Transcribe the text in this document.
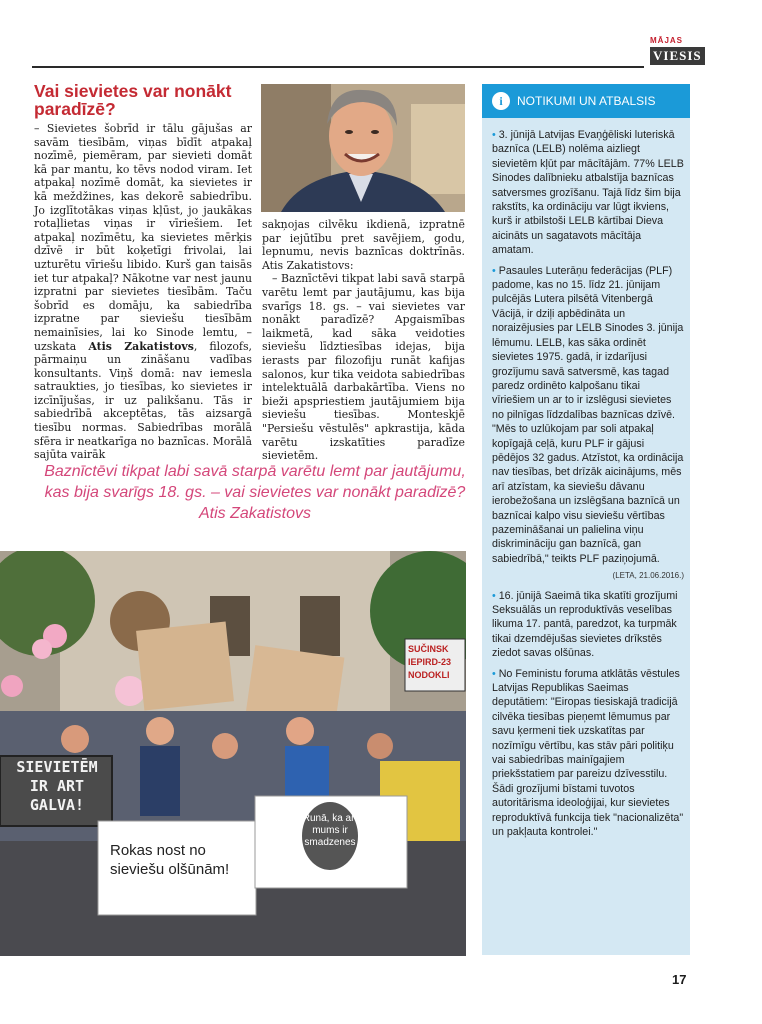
MĀJAS
VIESIS
Vai sievietes var nonākt paradīzē?

– Sievietes šobrīd ir tālu gājušas ar savām tiesībām, viņas bīdīt atpakaļ nozīmē, piemēram, par sievieti domāt kā par mantu, ko tēvs nodod viram. Iet atpakaļ nozīmē domāt, ka sievietes ir kā meždžines, kas dekorē sabiedrību. Jo izglītotākas viņas kļūst, jo jaukākas rotaļlietas viņas ir vīriešiem. Iet atpakaļ nozīmētu, ka sievietes mērķis dzīvē ir būt koķetīgi frivolai, lai uzturētu vīriešu libido. Kurš gan taisās iet tur atpakaļ? Nākotne var nest jaunu izpratni par sievietes tiesībām. Taču šobrīd es domāju, ka sabiedrība izpratne par sieviešu tiesībām nemainīsies, lai ko Sinode lemtu, – uzskata Atis Zakatistovs, filozofs, pārmaiņu un zināšanu vadības konsultants. Viņš domā: nav iemesla satraukties, jo tiesības, ko sievietes ir izcīnījušas, ir uz palikšanu. Tās ir sabiedrībā akceptētas, tās aizsargā tiesību normas. Sabiedrības morālā sfēra ir neatkarīga no baznīcas. Morālā sajūta vairāk

sakņojas cilvēku ikdienā, izpratnē par iejūtību pret savējiem, godu, lepnumu, nevis baznīcas doktrīnās. Atis Zakatistovs:

– Baznīctēvi tikpat labi savā starpā varētu lemt par jautājumu, kas bija svarīgs 18. gs. – vai sievietes var nonākt paradīzē? Apgaismības laikmetā, kad sāka veidoties sieviešu līdztiesības idejas, bija ierasts par filozofiju runāt kafijas salonos, kur tika veidota sabiedrības intelektuālā darbakārtība. Viens no bieži apspriestiem jautājumiem bija sieviešu tiesības. Monteskjē "Persiešu vēstulēs" apkrastija, kāda varētu izskatīties paradīze sievietēm.

Baznīctēvi tikpat labi savā starpā varētu lemt par jautājumu, kas bija svarīgs 18. gs. – vai sievietes var nonākt paradīzē? Atis Zakatistovs

SIEVIETĒM IR ART GALVA!
Rokas nost no sieviešu olšūnām!
Runā, ka arī mums ir smadzenes
SUČINSK IEPIRD-23 NODOKLI
i	NOTIKUMI UN ATBALSIS

• 3. jūnijā Latvijas Evaņģēliski luteriskā baznīca (LELB) nolēma aizliegt sievietēm kļūt par mācītājām. 77% LELB Sinodes dalībnieku atbalstīja baznīcas satversmes grozīšanu. Tajā līdz šim bija rakstīts, ka ordināciju var lūgt ikviens, kurš ir atbilstoši LELB kārtībai Dieva aicināts un sagatavots mācītāja amatam.

• Pasaules Luterāņu federācijas (PLF) padome, kas no 15. līdz 21. jūnijam pulcējās Lutera pilsētā Vitenbergā Vācijā, ir dziļi apbēdināta un noraizējusies par LELB Sinodes 3. jūnija lēmumu. LELB, kas sāka ordinēt sievietes 1975. gadā, ir izdarījusi grozījumu savā satversmē, kas tagad paredz ordinēto kalpošanu tikai vīriešiem un ar to ir izslēgusi sievietes no pilnīgas līdzdalības baznīcas dzīvē. "Mēs to uzlūkojam par soli atpakaļ kopīgajā ceļā, kuru PLF ir gājusi pēdējos 32 gadus. Atzīstot, ka ordinācija nav tiesības, bet drīzāk aicinājums, mēs arī atzīstam, ka sieviešu dāvanu ierobežošana un izslēgšana baznīcā un baznīcai kalpo visu sieviešu vērtības pazemināšanai un palielina viņu diskrimināciju gan baznīcā, gan sabiedrībā," teikts PLF paziņojumā.

(LETA, 21.06.2016.)

• 16. jūnijā Saeimā tika skatīti grozījumi Seksuālās un reproduktīvās veselības likuma 17. pantā, paredzot, ka turpmāk tikai dzemdējušas sievietes drīkstēs ziedot savas olšūnas.

• No Feministu foruma atklātās vēstules Latvijas Republikas Saeimas deputātiem: "Eiropas tiesiskajā tradicijā cilvēka tiesības pieņemt lēmumus par savu ķermeni tiek uzskatītas par nozīmīgu vērtību, kas stāv pāri politiķu vai sabiedrības mainīgajiem priekšstatiem par pareizu dzīvesstilu. Šādi grozījumi bīstami tuvotos autoritārisma ideoloģijai, kur sievietes reproduktīvā funkcija tiek "nacionalizēta" un pakļauta kontrolei."

17
